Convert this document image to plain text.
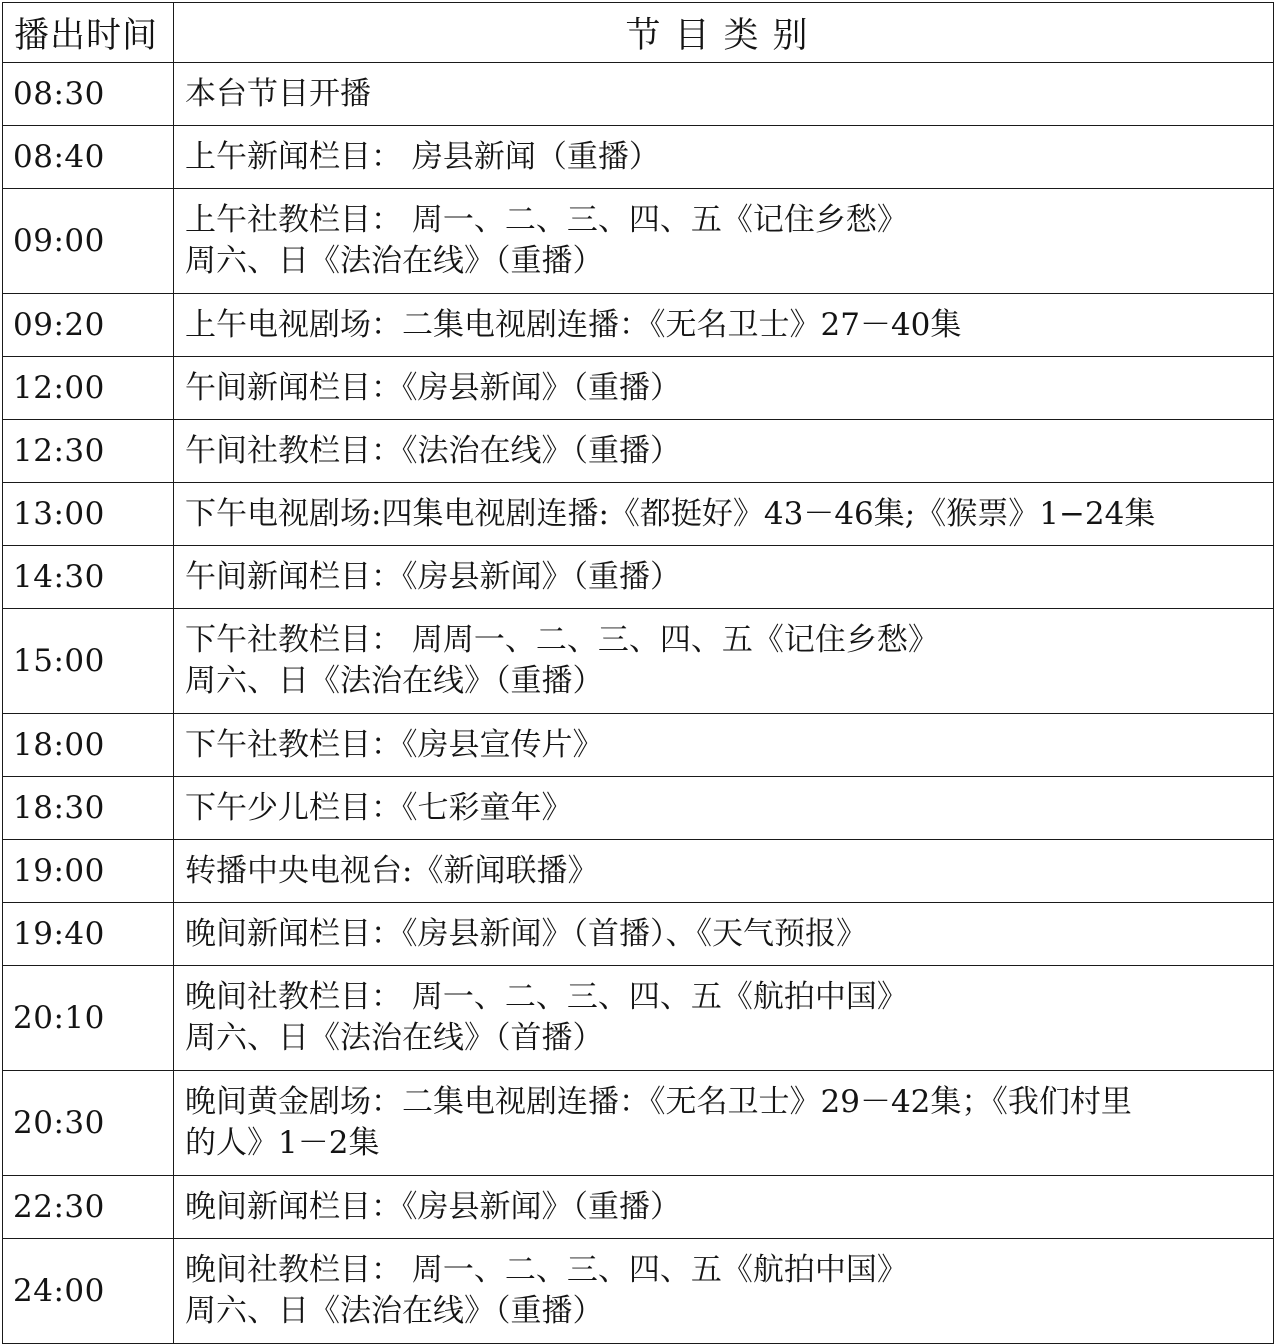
播出时间	节目类别
08:30	本台节目开播

08:40	上午新闻栏目： 房县新闻（重播）

09:00	上午社教栏目： 周一、二、三、四、五《记住乡愁》
周六、日《法治在线》（重播）

09:20	上午电视剧场：二集电视剧连播：《无名卫士》27－40集

12:00	午间新闻栏目：《房县新闻》（重播）

12:30	午间社教栏目：《法治在线》（重播）

13:00	下午电视剧场:四集电视剧连播:《都挺好》43－46集;《猴票》1−24集

14:30	午间新闻栏目：《房县新闻》（重播）

15:00	下午社教栏目： 周周一、二、三、四、五《记住乡愁》
周六、日《法治在线》（重播）

18:00	下午社教栏目：《房县宣传片》

18:30	下午少儿栏目：《七彩童年》

19:00	转播中央电视台:《新闻联播》

19:40	晚间新闻栏目：《房县新闻》（首播）、《天气预报》

20:10	晚间社教栏目： 周一、二、三、四、五《航拍中国》
周六、日《法治在线》（首播）

20:30	晚间黄金剧场：二集电视剧连播：《无名卫士》29－42集；《我们村里
的人》1－2集

22:30	晚间新闻栏目：《房县新闻》（重播）

24:00	晚间社教栏目： 周一、二、三、四、五《航拍中国》
周六、日《法治在线》（重播）
